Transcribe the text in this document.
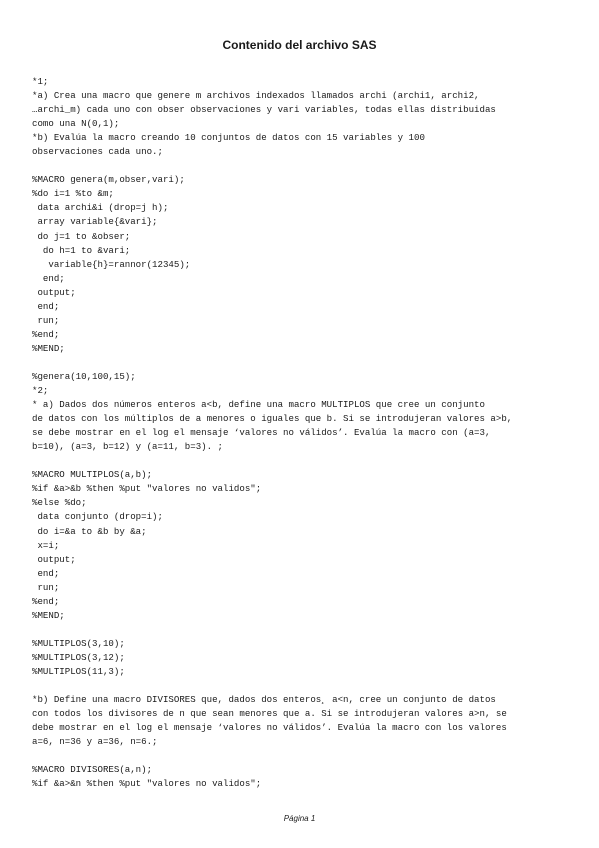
Contenido del archivo SAS
*1;
*a) Crea una macro que genere m archivos indexados llamados archi (archi1, archi2,
…archi_m) cada uno con obser observaciones y vari variables, todas ellas distribuidas
como una N(0,1);
*b) Evalúa la macro creando 10 conjuntos de datos con 15 variables y 100
observaciones cada uno.;
%MACRO genera(m,obser,vari);
%do i=1 %to &m;
data archi&i (drop=j h);
array variable{&vari};
do j=1 to &obser;
do h=1 to &vari;
variable{h}=rannor(12345);
end;
output;
end;
run;
%end;
%MEND;
%genera(10,100,15);
*2;
* a) Dados dos números enteros a<b, define una macro MULTIPLOS que cree un conjunto
de datos con los múltiplos de a menores o iguales que b. Si se introdujeran valores a>b,
se debe mostrar en el log el mensaje ‘valores no válidos’. Evalúa la macro con (a=3,
b=10), (a=3, b=12) y (a=11, b=3). ;
%MACRO MULTIPLOS(a,b);
%if &a>&b %then %put "valores no validos";
%else %do;
data conjunto (drop=i);
do i=&a to &b by &a;
x=i;
output;
end;
run;
%end;
%MEND;
%MULTIPLOS(3,10);
%MULTIPLOS(3,12);
%MULTIPLOS(11,3);
*b) Define una macro DIVISORES que, dados dos enteros¸ a<n, cree un conjunto de datos
con todos los divisores de n que sean menores que a. Si se introdujeran valores a>n, se
debe mostrar en el log el mensaje ‘valores no válidos’. Evalúa la macro con los valores
a=6, n=36 y a=36, n=6.;
%MACRO DIVISORES(a,n);
%if &a>&n %then %put "valores no validos";
Página 1
